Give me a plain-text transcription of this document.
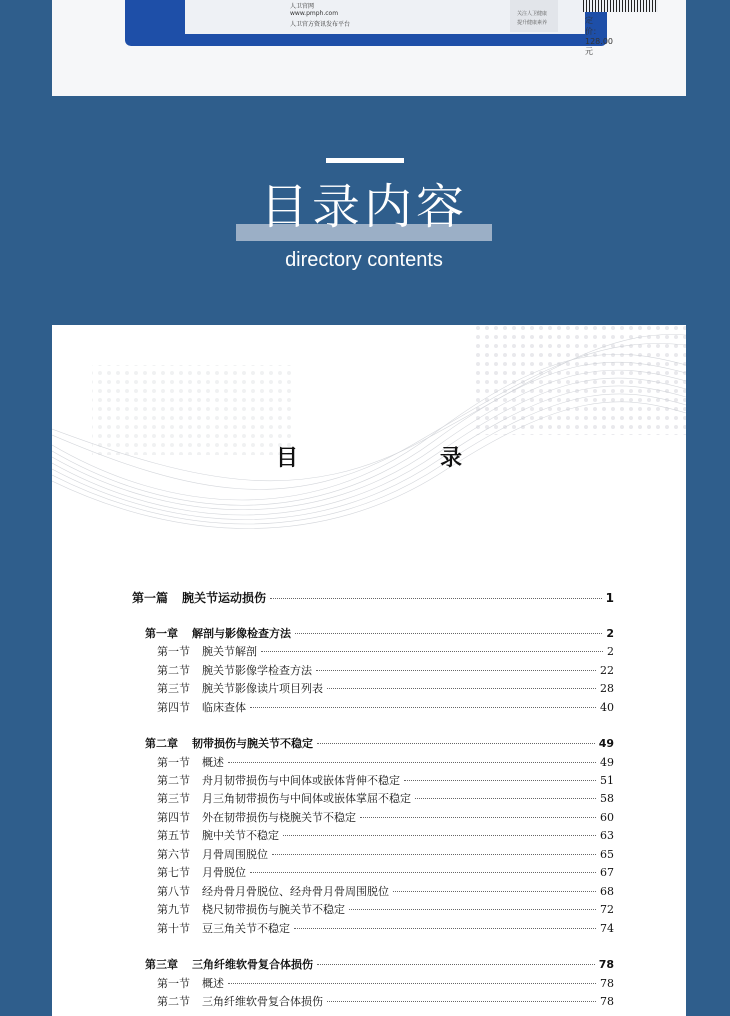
人卫官网
www.pmph.com
人卫官方资讯发布平台
关注人卫健康
提升健康素养	定　价：128.00 元
目录内容
directory contents
目　录
第一篇 腕关节运动损伤	1
第一章 解剖与影像检查方法	2
第一节 腕关节解剖	2
第二节 腕关节影像学检查方法	22
第三节 腕关节影像读片项目列表	28
第四节 临床查体	40
第二章 韧带损伤与腕关节不稳定	49
第一节 概述	49
第二节 舟月韧带损伤与中间体或嵌体背伸不稳定	51
第三节 月三角韧带损伤与中间体或嵌体掌屈不稳定	58
第四节 外在韧带损伤与桡腕关节不稳定	60
第五节 腕中关节不稳定	63
第六节 月骨周围脱位	65
第七节 月骨脱位	67
第八节 经舟骨月骨脱位、经舟骨月骨周围脱位	68
第九节 桡尺韧带损伤与腕关节不稳定	72
第十节 豆三角关节不稳定	74
第三章 三角纤维软骨复合体损伤	78
第一节 概述	78
第二节 三角纤维软骨复合体损伤	78
